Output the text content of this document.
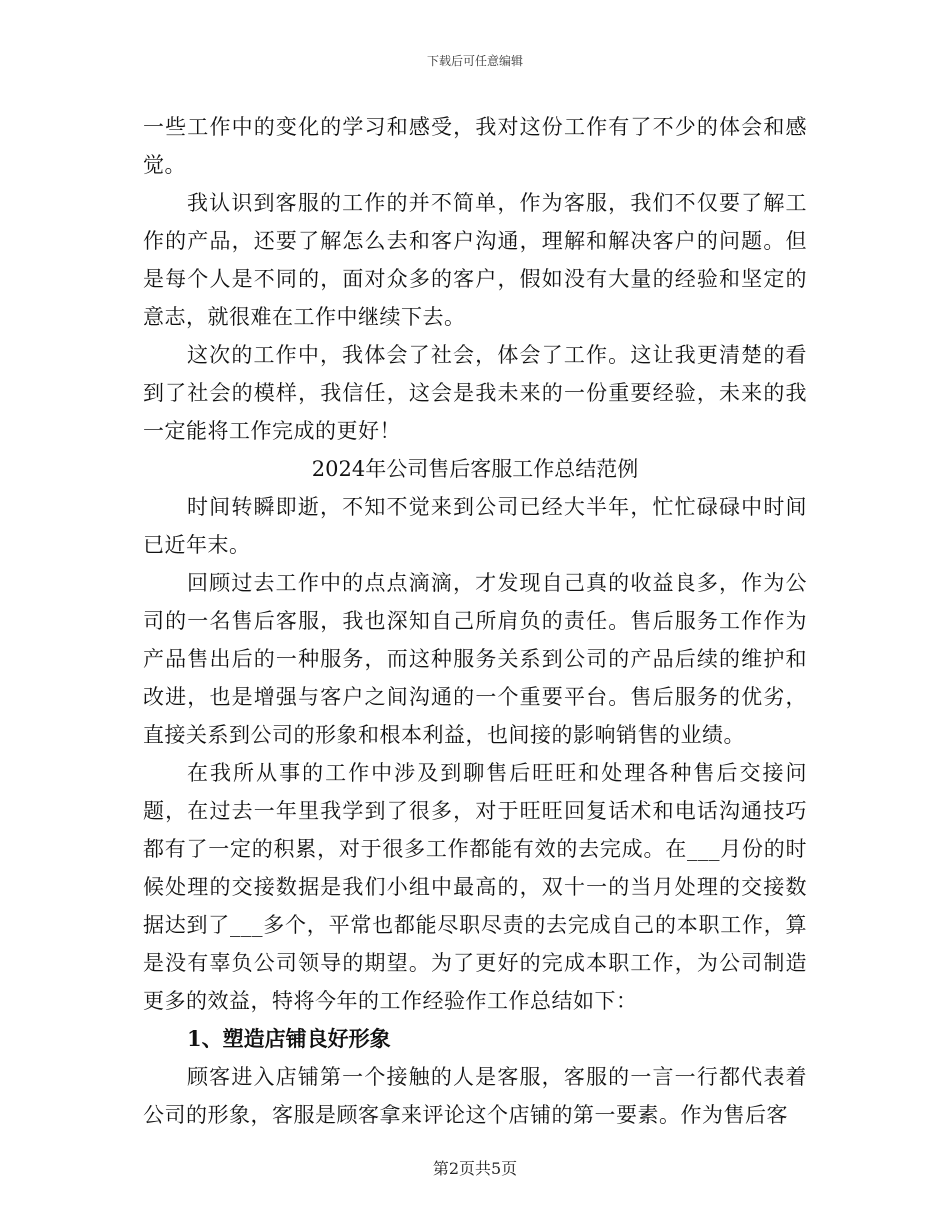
下载后可任意编辑

一些工作中的变化的学习和感受，我对这份工作有了不少的体会和感觉。

我认识到客服的工作的并不简单，作为客服，我们不仅要了解工作的产品，还要了解怎么去和客户沟通，理解和解决客户的问题。但是每个人是不同的，面对众多的客户，假如没有大量的经验和坚定的意志，就很难在工作中继续下去。

这次的工作中，我体会了社会，体会了工作。这让我更清楚的看到了社会的模样，我信任，这会是我未来的一份重要经验，未来的我一定能将工作完成的更好！

2024年公司售后客服工作总结范例

时间转瞬即逝，不知不觉来到公司已经大半年，忙忙碌碌中时间已近年末。

回顾过去工作中的点点滴滴，才发现自己真的收益良多，作为公司的一名售后客服，我也深知自己所肩负的责任。售后服务工作作为产品售出后的一种服务，而这种服务关系到公司的产品后续的维护和改进，也是增强与客户之间沟通的一个重要平台。售后服务的优劣，直接关系到公司的形象和根本利益，也间接的影响销售的业绩。

在我所从事的工作中涉及到聊售后旺旺和处理各种售后交接问题，在过去一年里我学到了很多，对于旺旺回复话术和电话沟通技巧都有了一定的积累，对于很多工作都能有效的去完成。在___月份的时候处理的交接数据是我们小组中最高的，双十一的当月处理的交接数据达到了___多个，平常也都能尽职尽责的去完成自己的本职工作，算是没有辜负公司领导的期望。为了更好的完成本职工作，为公司制造更多的效益，特将今年的工作经验作工作总结如下：

1、塑造店铺良好形象

顾客进入店铺第一个接触的人是客服，客服的一言一行都代表着公司的形象，客服是顾客拿来评论这个店铺的第一要素。作为售后客

第2页共5页
